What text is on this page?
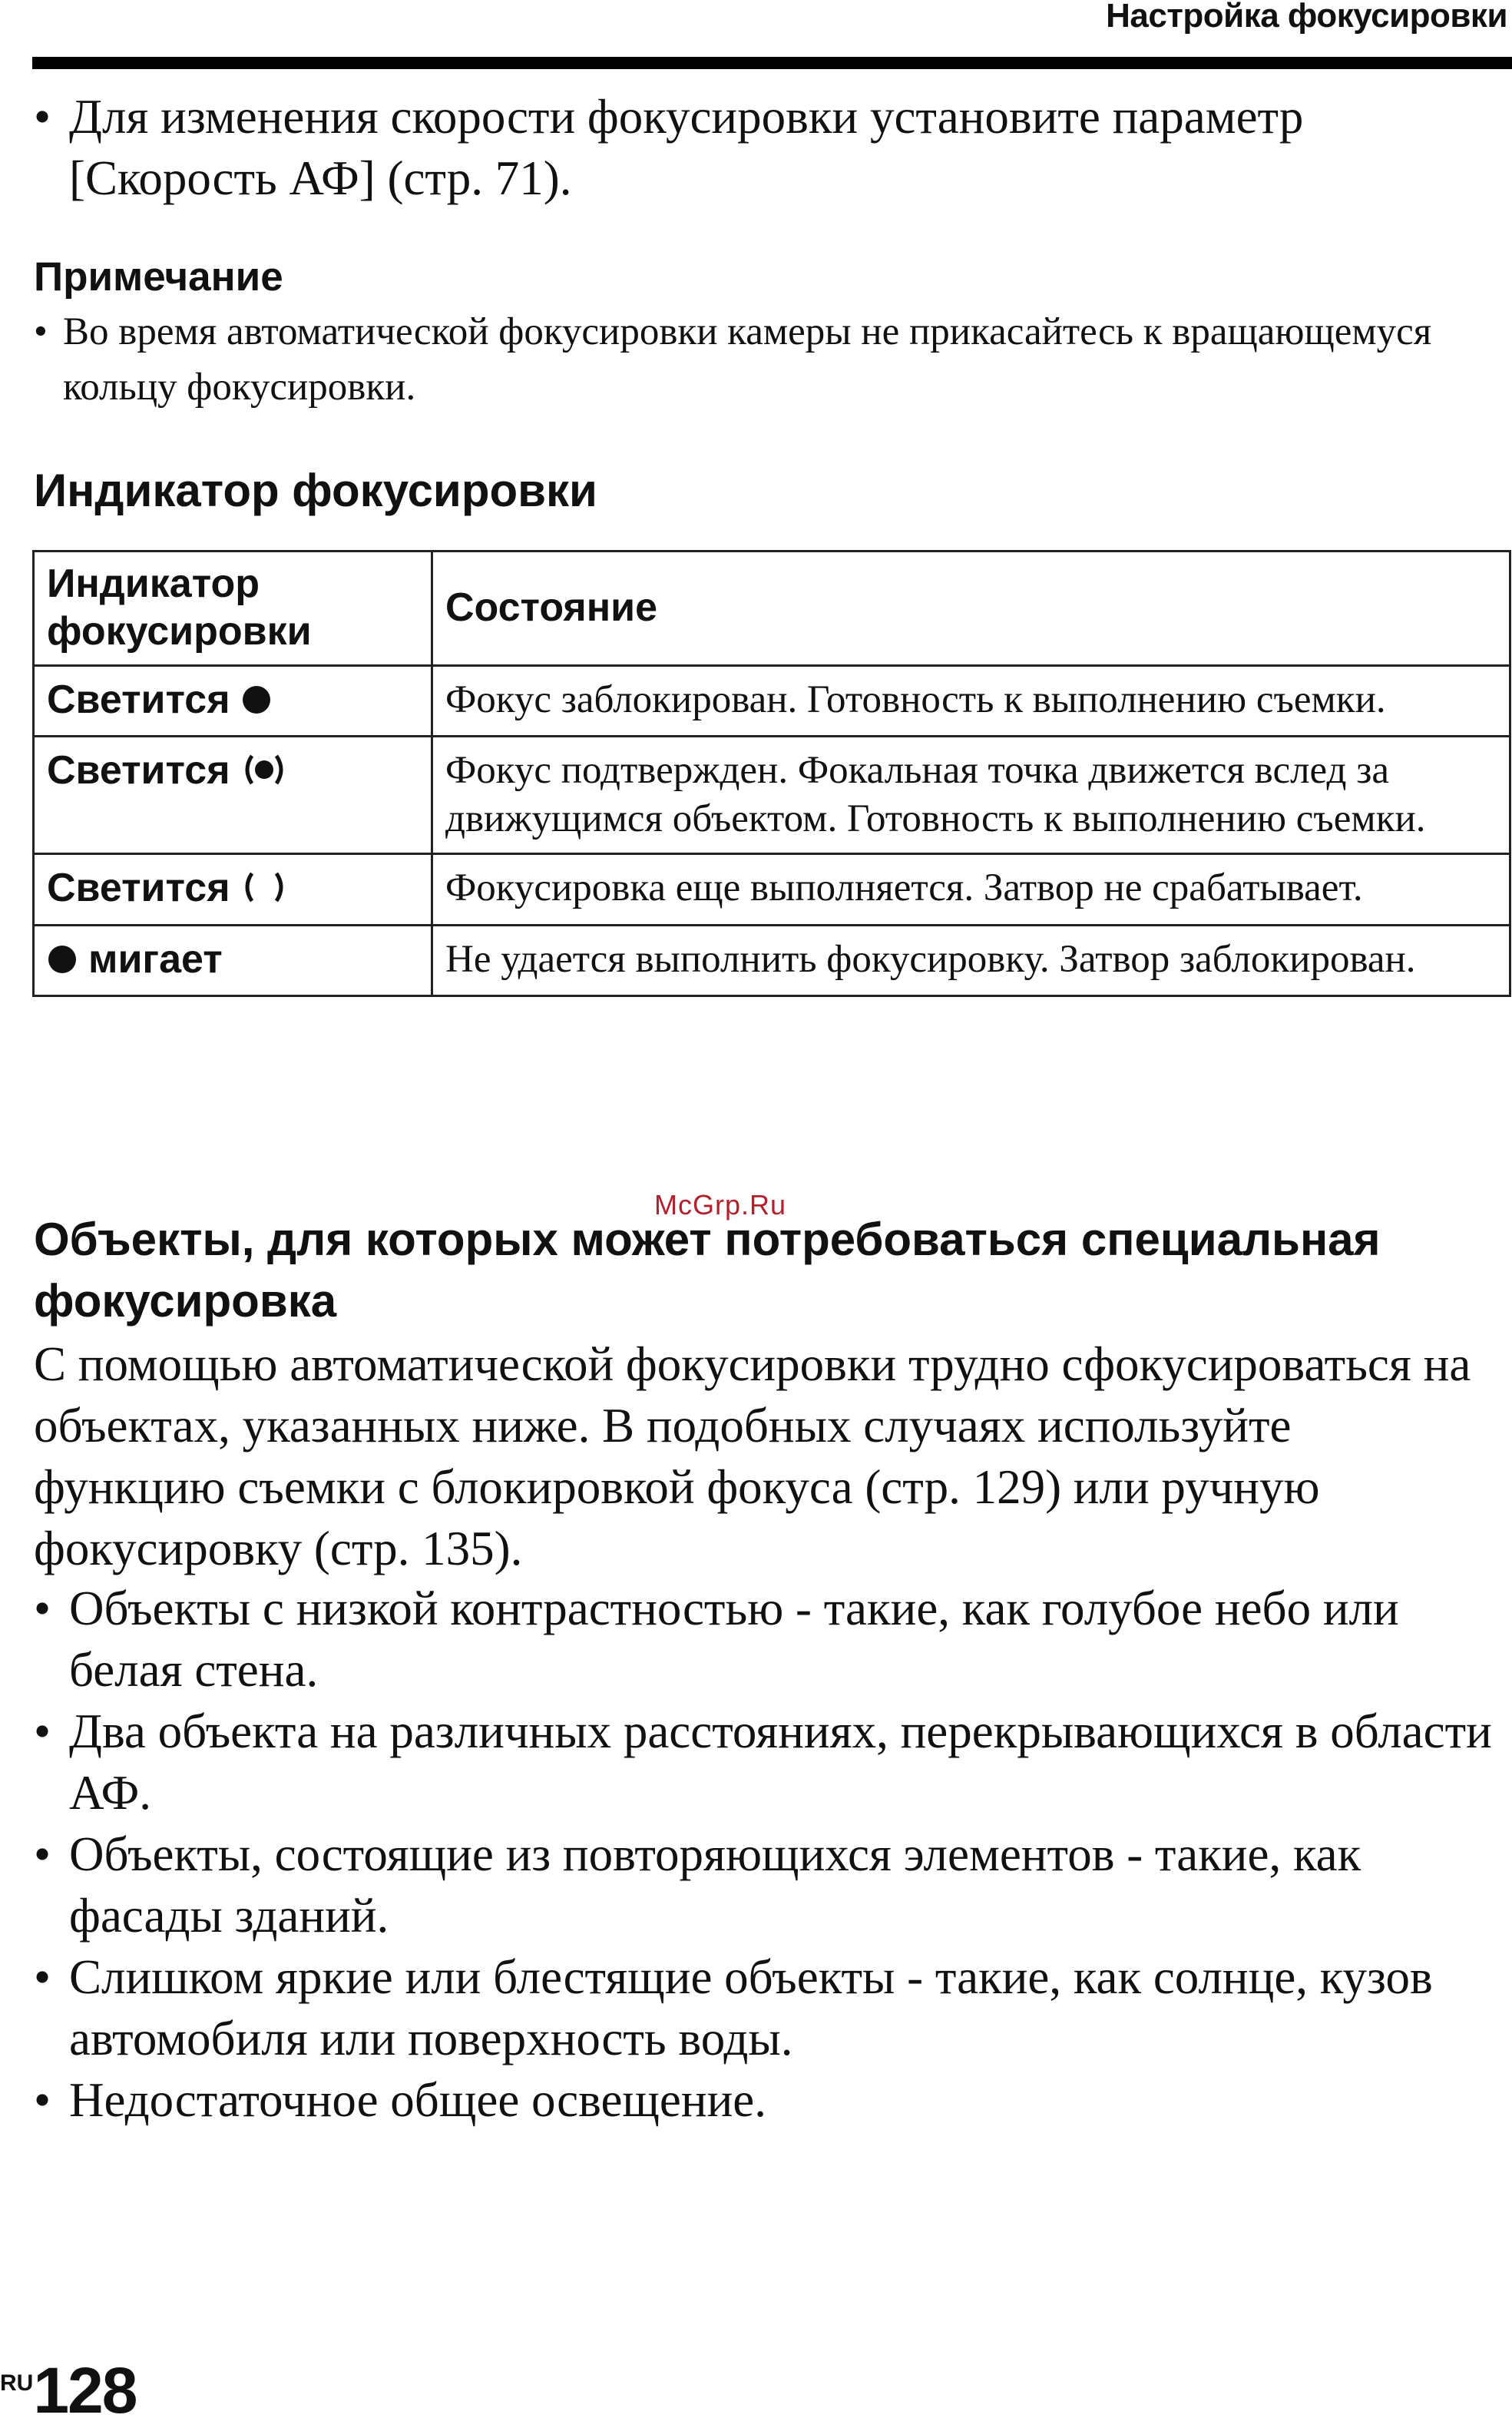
Настройка фокусировки
• Для изменения скорости фокусировки установите параметр [Скорость АФ] (стр. 71).
Примечание
• Во время автоматической фокусировки камеры не прикасайтесь к вращающемуся кольцу фокусировки.
Индикатор фокусировки
Индикатор фокусировки	Состояние
Светится	Фокус заблокирован. Готовность к выполнению съемки.
Светится	Фокус подтвержден. Фокальная точка движется вслед за движущимся объектом. Готовность к выполнению съемки.
Светится	Фокусировка еще выполняется. Затвор не срабатывает.
мигает	Не удается выполнить фокусировку. Затвор заблокирован.
McGrp.Ru
Объекты, для которых может потребоваться специальная фокусировка
С помощью автоматической фокусировки трудно сфокусироваться на объектах, указанных ниже. В подобных случаях используйте функцию съемки с блокировкой фокуса (стр. 129) или ручную фокусировку (стр. 135).
• Объекты с низкой контрастностью - такие, как голубое небо или белая стена.
• Два объекта на различных расстояниях, перекрывающихся в области АФ.
• Объекты, состоящие из повторяющихся элементов - такие, как фасады зданий.
• Слишком яркие или блестящие объекты - такие, как солнце, кузов автомобиля или поверхность воды.
• Недостаточное общее освещение.
RU128
